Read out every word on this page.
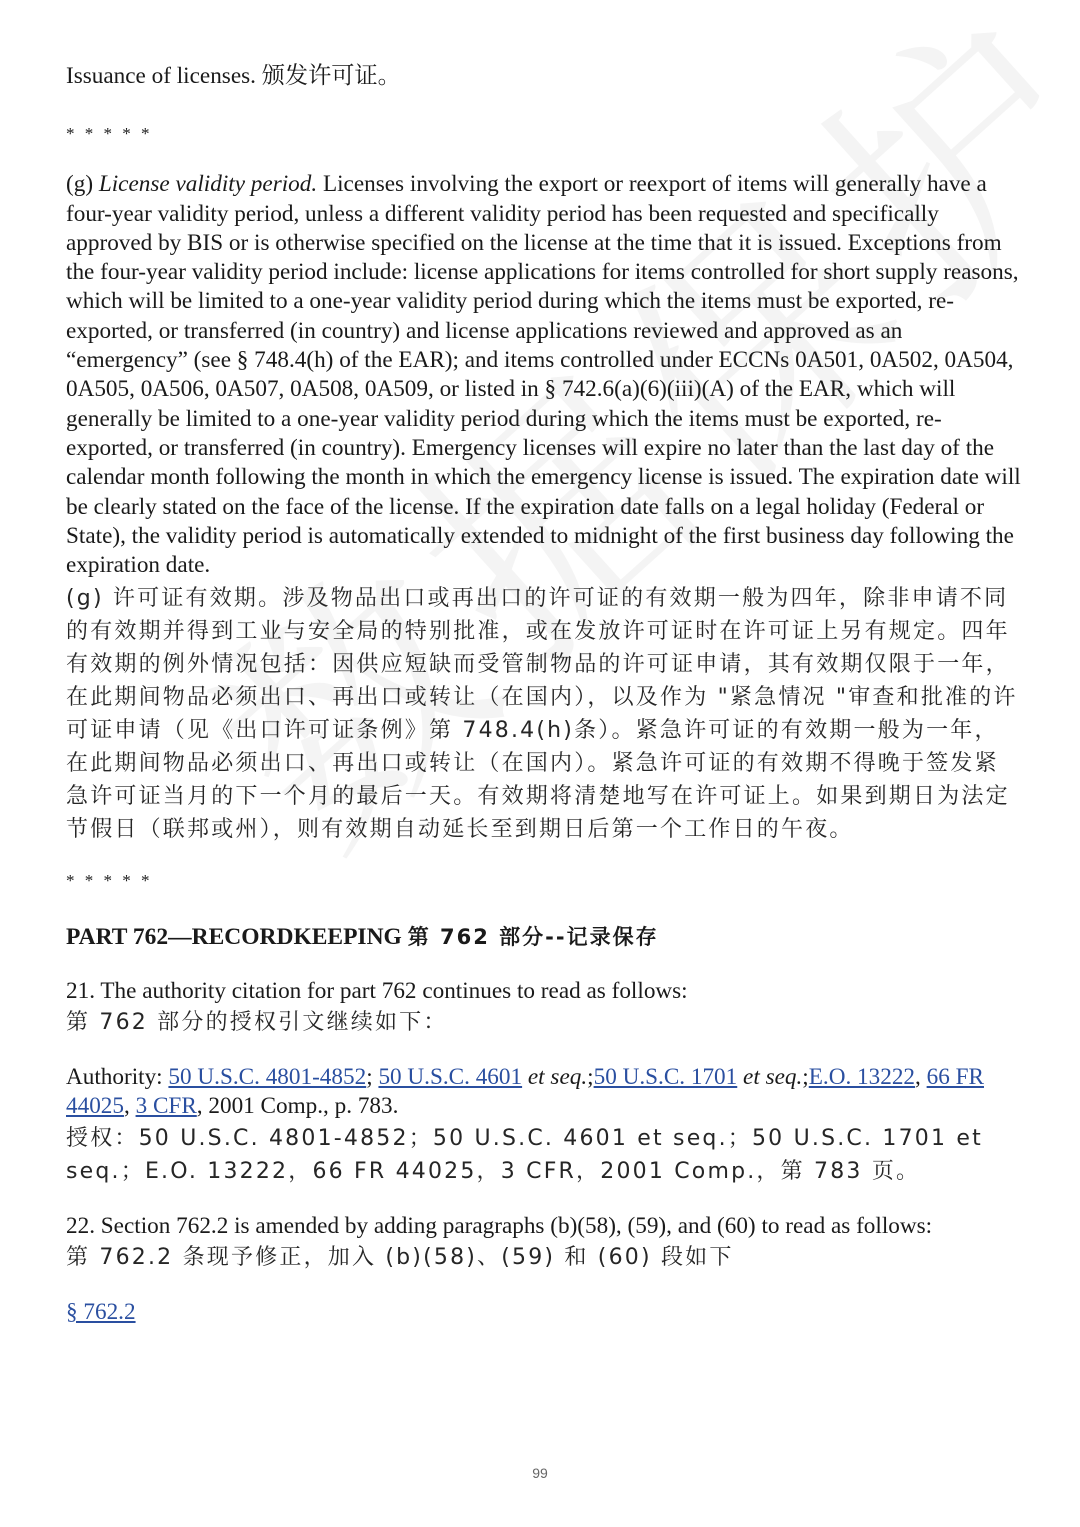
Issuance of licenses. 颁发许可证。

* * * * *

(g) License validity period. Licenses involving the export or reexport of items will generally have a four-year validity period, unless a different validity period has been requested and specifically approved by BIS or is otherwise specified on the license at the time that it is issued. Exceptions from the four-year validity period include: license applications for items controlled for short supply reasons, which will be limited to a one-year validity period during which the items must be exported, re-exported, or transferred (in country) and license applications reviewed and approved as an “emergency” (see § 748.4(h) of the EAR); and items controlled under ECCNs 0A501, 0A502, 0A504, 0A505, 0A506, 0A507, 0A508, 0A509, or listed in § 742.6(a)(6)(iii)(A) of the EAR, which will generally be limited to a one-year validity period during which the items must be exported, re-exported, or transferred (in country). Emergency licenses will expire no later than the last day of the calendar month following the month in which the emergency license is issued. The expiration date will be clearly stated on the face of the license. If the expiration date falls on a legal holiday (Federal or State), the validity period is automatically extended to midnight of the first business day following the expiration date.

(g) 许可证有效期。涉及物品出口或再出口的许可证的有效期一般为四年，除非申请不同的有效期并得到工业与安全局的特别批准，或在发放许可证时在许可证上另有规定。四年有效期的例外情况包括：因供应短缺而受管制物品的许可证申请，其有效期仅限于一年，在此期间物品必须出口、再出口或转让（在国内），以及作为 "紧急情况 "审查和批准的许可证申请（见《出口许可证条例》第 748.4(h)条）。紧急许可证的有效期一般为一年，在此期间物品必须出口、再出口或转让（在国内）。紧急许可证的有效期不得晚于签发紧急许可证当月的下一个月的最后一天。有效期将清楚地写在许可证上。如果到期日为法定节假日（联邦或州），则有效期自动延长至到期日后第一个工作日的午夜。

* * * * *

PART 762—RECORDKEEPING 第 762 部分--记录保存

21. The authority citation for part 762 continues to read as follows:

第 762 部分的授权引文继续如下：

Authority: 50 U.S.C. 4801-4852; 50 U.S.C. 4601 et seq.;50 U.S.C. 1701 et seq.;E.O. 13222, 66 FR 44025, 3 CFR, 2001 Comp., p. 783.

授权：50 U.S.C. 4801-4852；50 U.S.C. 4601 et seq.；50 U.S.C. 1701 et seq.；E.O. 13222，66 FR 44025，3 CFR，2001 Comp.，第 783 页。

22. Section 762.2 is amended by adding paragraphs (b)(58), (59), and (60) to read as follows:

第 762.2 条现予修正，加入 (b)(58)、(59) 和 (60) 段如下

§ 762.2

99
